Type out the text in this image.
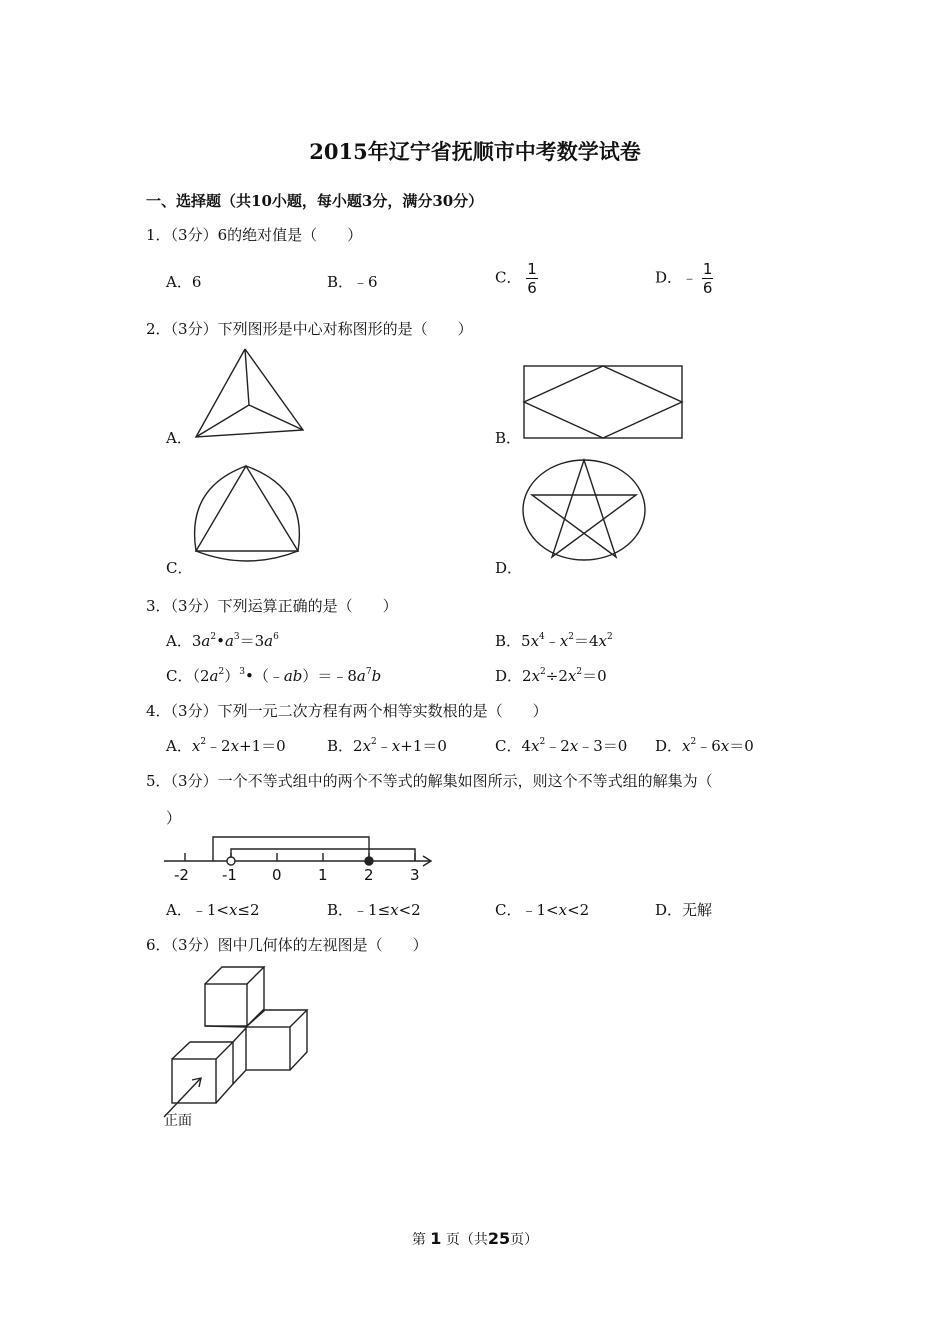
2015年辽宁省抚顺市中考数学试卷
一、选择题（共10小题，每小题3分，满分30分）
1．（3分）6的绝对值是（　　）
A．6	B．﹣6	C． $\frac{1}{6}$	D．﹣ $\frac{1}{6}$
2．（3分）下列图形是中心对称图形的是（　　）
A．	B．
C．	D．
3．（3分）下列运算正确的是（　　）
A．$3a^2•a^3=3a^6$	B．$5x^4﹣x^2=4x^2$
C．$(2a^2)^3•(﹣ab)=﹣8a^7b$	D．$2x^2\div 2x^2=0$
4．（3分）下列一元二次方程有两个相等实数根的是（　　）
A．$x^2﹣2x+1=0$	B．$2x^2﹣x+1=0$	C．$4x^2﹣2x﹣3=0$ D．$x^2﹣6x=0$
5．（3分）一个不等式组中的两个不等式的解集如图所示，则这个不等式组的解集为（
）
-2 -1 0 1 2 3
A．﹣1<x≤2	B．﹣1≤x<2	C．﹣1<x<2	D．无解
6．（3分）图中几何体的左视图是（　　）
正面
第 1 页（共25页）
